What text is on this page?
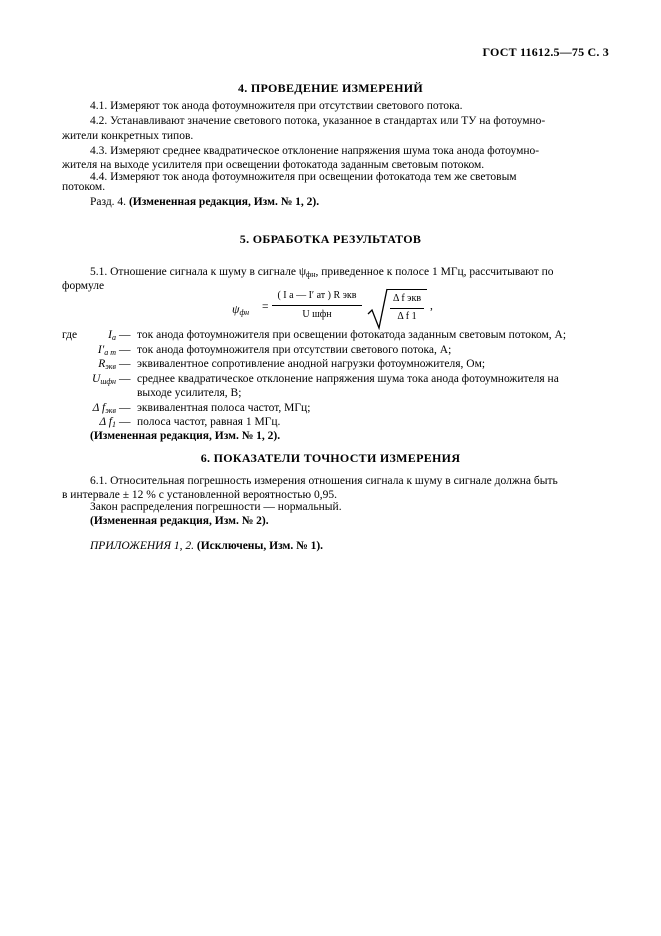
ГОСТ 11612.5—75 С. 3
4. ПРОВЕДЕНИЕ ИЗМЕРЕНИЙ
4.1. Измеряют ток анода фотоумножителя при отсутствии светового потока.
4.2. Устанавливают значение светового потока, указанное в стандартах или ТУ на фотоумно-
жители конкретных типов.
4.3. Измеряют среднее квадратическое отклонение напряжения шума тока анода фотоумно-
жителя на выходе усилителя при освещении фотокатода заданным световым потоком.
4.4. Измеряют ток анода фотоумножителя при освещении фотокатода тем же световым
потоком.
Разд. 4. (Измененная редакция, Изм. № 1, 2).
5. ОБРАБОТКА РЕЗУЛЬТАТОВ
5.1. Отношение сигнала к шуму в сигнале $\psi_{фн}$, приведенное к полосе 1 МГц, рассчитывают по
формуле
$\psi_{фн}$ =
( I а — I′ ат ) R экв
U шфн
Δ f экв
Δ f 1
,
где	$I_а$ — ток анода фотоумножителя при освещении фотокатода заданным световым потоком, А;
$I'_{а т}$ — ток анода фотоумножителя при отсутствии светового потока, А;
$R_{экв}$ — эквивалентное сопротивление анодной нагрузки фотоумножителя, Ом;
$U_{шфн}$ — среднее квадратическое отклонение напряжения шума тока анода фотоумножителя на
выходе усилителя, В;
Δ $f_{экв}$ — эквивалентная полоса частот, МГц;
Δ $f_1$ — полоса частот, равная 1 МГц.
(Измененная редакция, Изм. № 1, 2).
6. ПОКАЗАТЕЛИ ТОЧНОСТИ ИЗМЕРЕНИЯ
6.1. Относительная погрешность измерения отношения сигнала к шуму в сигнале должна быть
в интервале ± 12 % с установленной вероятностью 0,95.
Закон распределения погрешности — нормальный.
(Измененная редакция, Изм. № 2).
ПРИЛОЖЕНИЯ 1, 2. (Исключены, Изм. № 1).
